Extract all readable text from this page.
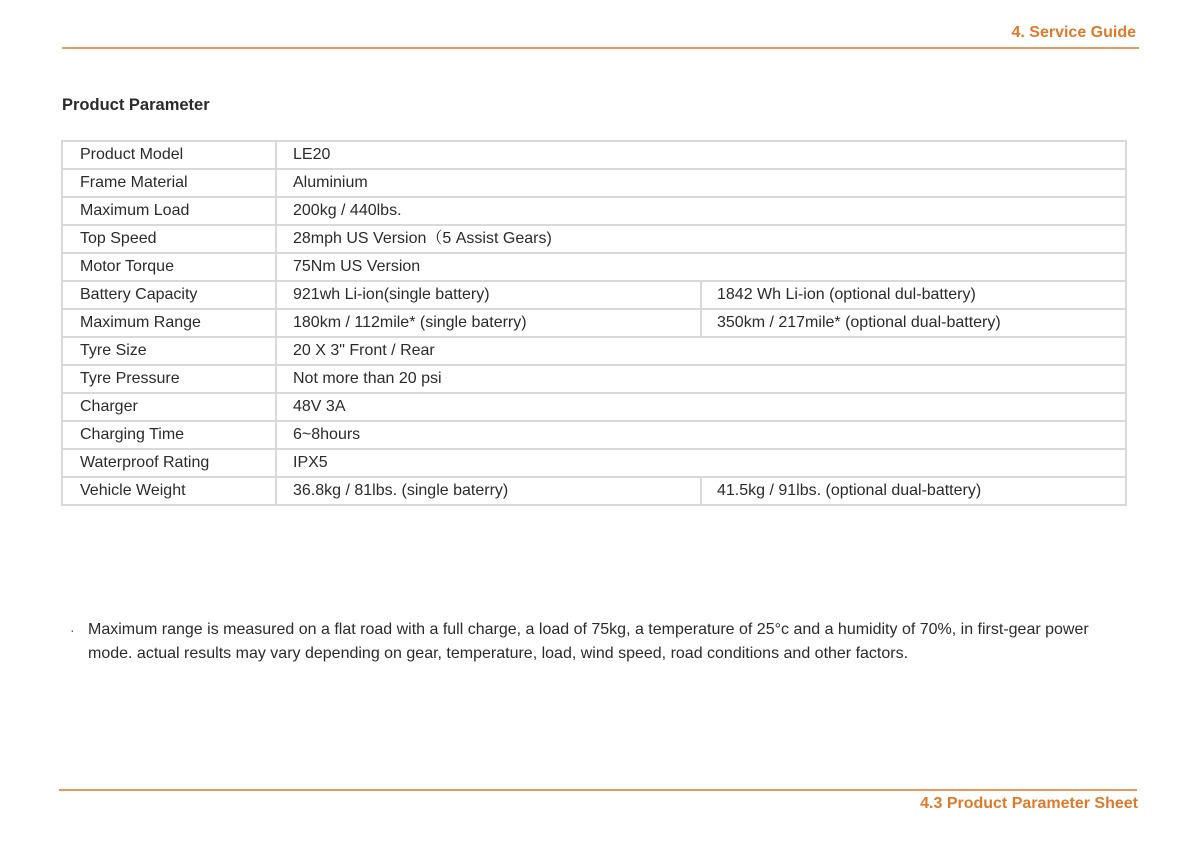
4. Service Guide
Product Parameter
Product Model	LE20	
Frame Material	Aluminium	
Maximum Load	200kg / 440lbs.	
Top Speed	28mph US Version（5 Assist Gears)	
Motor Torque	75Nm US Version	
Battery Capacity	921wh Li-ion(single battery)	1842 Wh Li-ion (optional dul-battery)
Maximum Range	180km / 112mile* (single baterry)	350km / 217mile* (optional dual-battery)
Tyre Size	20 X 3" Front / Rear	
Tyre Pressure	Not more than 20 psi	
Charger	48V 3A	
Charging Time	6~8hours	
Waterproof Rating	IPX5	
Vehicle Weight	36.8kg / 81lbs. (single baterry)	41.5kg / 91lbs. (optional dual-battery)
· Maximum range is measured on a flat road with a full charge, a load of 75kg, a temperature of 25°c and a humidity of 70%, in first-gear power mode. actual results may vary depending on gear, temperature, load, wind speed, road conditions and other factors.
4.3 Product Parameter Sheet
